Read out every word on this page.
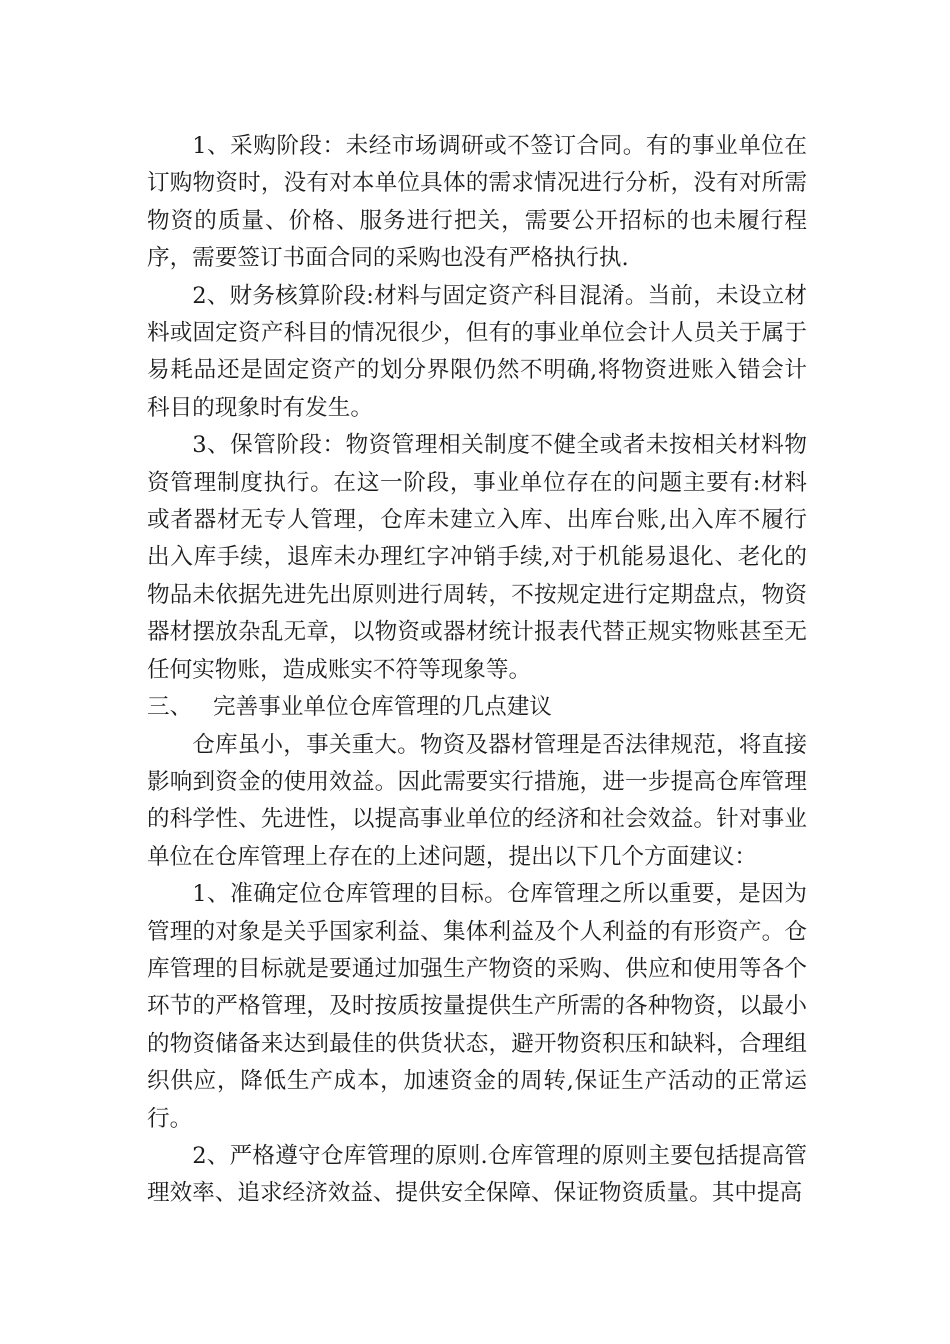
1、采购阶段：未经市场调研或不签订合同。有的事业单位在订购物资时，没有对本单位具体的需求情况进行分析，没有对所需物资的质量、价格、服务进行把关，需要公开招标的也未履行程序，需要签订书面合同的采购也没有严格执行执.

2、财务核算阶段:材料与固定资产科目混淆。当前，未设立材料或固定资产科目的情况很少，但有的事业单位会计人员关于属于易耗品还是固定资产的划分界限仍然不明确,将物资进账入错会计科目的现象时有发生。

3、保管阶段：物资管理相关制度不健全或者未按相关材料物资管理制度执行。在这一阶段，事业单位存在的问题主要有:材料或者器材无专人管理，仓库未建立入库、出库台账,出入库不履行出入库手续，退库未办理红字冲销手续,对于机能易退化、老化的物品未依据先进先出原则进行周转，不按规定进行定期盘点，物资器材摆放杂乱无章，以物资或器材统计报表代替正规实物账甚至无任何实物账，造成账实不符等现象等。

三、 完善事业单位仓库管理的几点建议

仓库虽小，事关重大。物资及器材管理是否法律规范，将直接影响到资金的使用效益。因此需要实行措施，进一步提高仓库管理的科学性、先进性，以提高事业单位的经济和社会效益。针对事业单位在仓库管理上存在的上述问题，提出以下几个方面建议：

1、准确定位仓库管理的目标。仓库管理之所以重要，是因为管理的对象是关乎国家利益、集体利益及个人利益的有形资产。仓库管理的目标就是要通过加强生产物资的采购、供应和使用等各个环节的严格管理，及时按质按量提供生产所需的各种物资，以最小的物资储备来达到最佳的供货状态，避开物资积压和缺料，合理组织供应，降低生产成本，加速资金的周转,保证生产活动的正常运行。

2、严格遵守仓库管理的原则.仓库管理的原则主要包括提高管理效率、追求经济效益、提供安全保障、保证物资质量。其中提高
